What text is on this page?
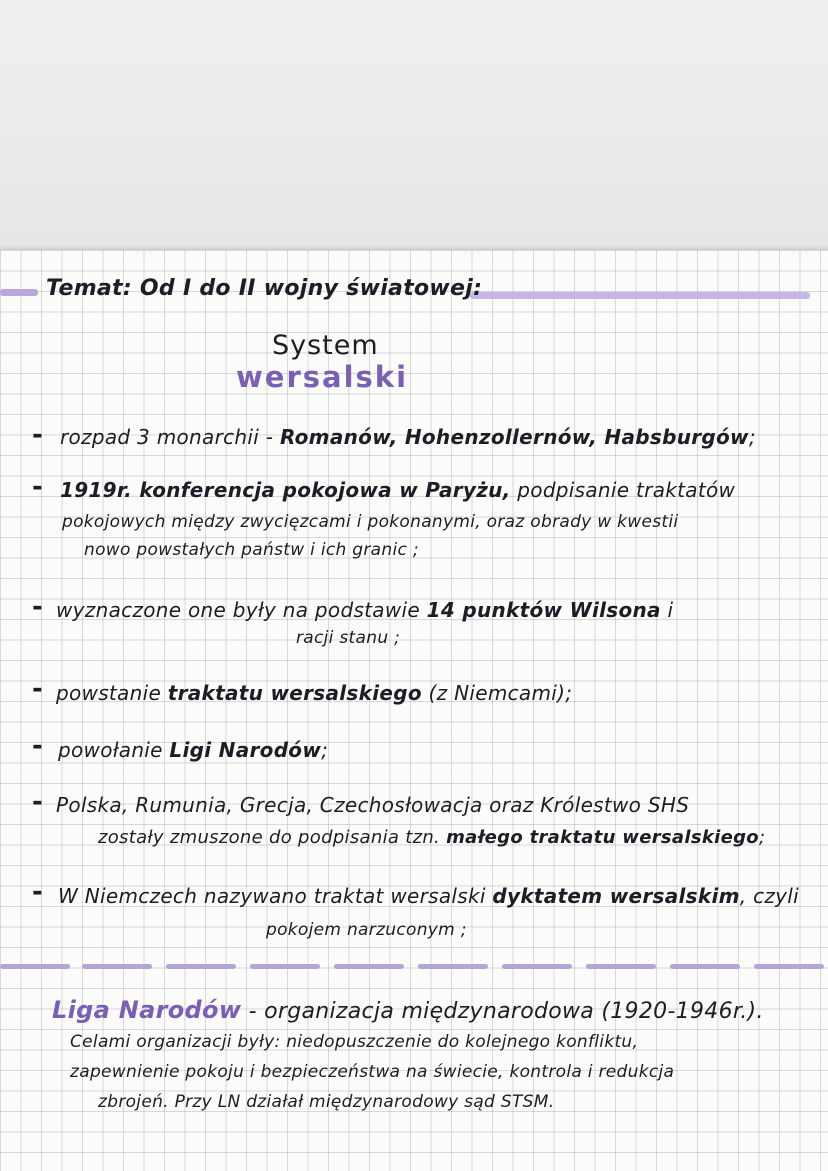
Temat: Od I do II wojny światowej:
System
wersalski
- rozpad 3 monarchii - Romanów, Hohenzollernów, Habsburgów;
- 1919r. konferencja pokojowa w Paryżu, podpisanie traktatów
pokojowych między zwycięzcami i pokonanymi, oraz obrady w kwestii
nowo powstałych państw i ich granic ;
- wyznaczone one były na podstawie 14 punktów Wilsona i
racji stanu ;
- powstanie traktatu wersalskiego (z Niemcami);
- powołanie Ligi Narodów;
- Polska, Rumunia, Grecja, Czechosłowacja oraz Królestwo SHS
zostały zmuszone do podpisania tzn. małego traktatu wersalskiego;
- W Niemczech nazywano traktat wersalski dyktatem wersalskim, czyli
pokojem narzuconym ;
Liga Narodów - organizacja międzynarodowa (1920-1946r.).
Celami organizacji były: niedopuszczenie do kolejnego konfliktu,
zapewnienie pokoju i bezpieczeństwa na świecie, kontrola i redukcja
zbrojeń. Przy LN działał międzynarodowy sąd STSM.
